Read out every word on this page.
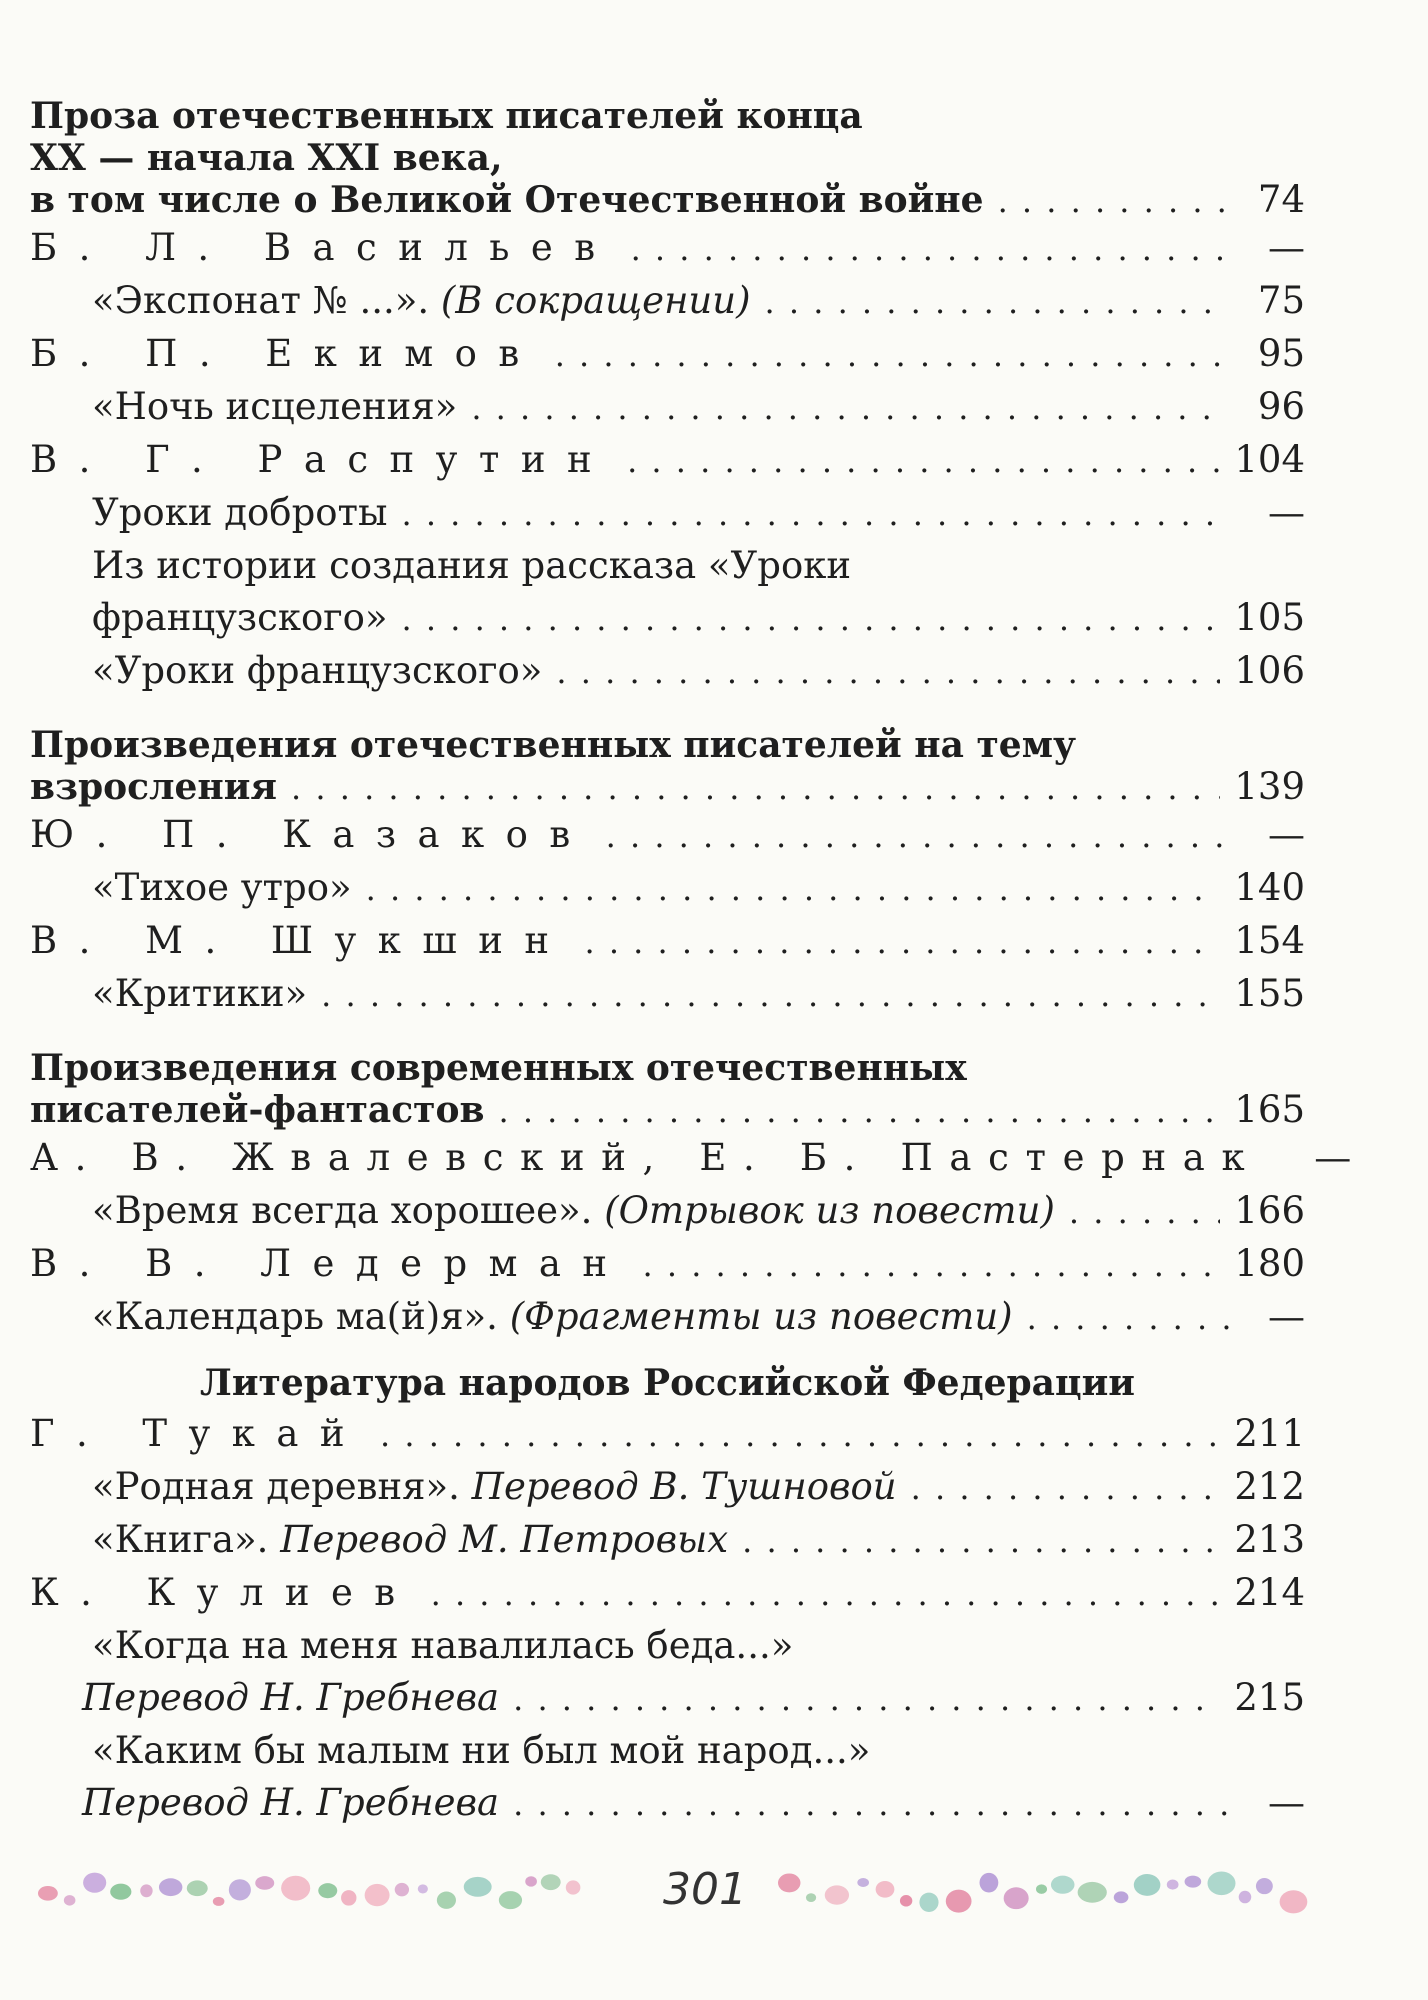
Проза отечественных писателей конца
XX — начала XXI века,
в том числе о Великой Отечественной войне . . .	74
Б. Л. Васильев . . .	—
«Экспонат № ...». (В сокращении) . . .	75
Б. П. Екимов . . .	95
«Ночь исцеления» . . .	96
В. Г. Распутин . . .	104
Уроки доброты . . .	—
Из истории создания рассказа «Уроки
французского» . . .	105
«Уроки французского» . . .	106
Произведения отечественных писателей на тему
взросления . . .	139
Ю. П. Казаков . . .	—
«Тихое утро» . . .	140
В. М. Шукшин . . .	154
«Критики» . . .	155
Произведения современных отечественных
писателей-фантастов . . .	165
А. В. Жвалевский, Е. Б. Пастернак	—
«Время всегда хорошее». (Отрывок из повести) . . .	166
В. В. Ледерман . . .	180
«Календарь ма(й)я». (Фрагменты из повести) . . .	—
Литература народов Российской Федерации
Г. Тукай . . .	211
«Родная деревня». Перевод В. Тушновой . . .	212
«Книга». Перевод М. Петровых . . .	213
К. Кулиев . . .	214
«Когда на меня навалилась беда...»
Перевод Н. Гребнева . . .	215
«Каким бы малым ни был мой народ...»
Перевод Н. Гребнева . . .	—
301
